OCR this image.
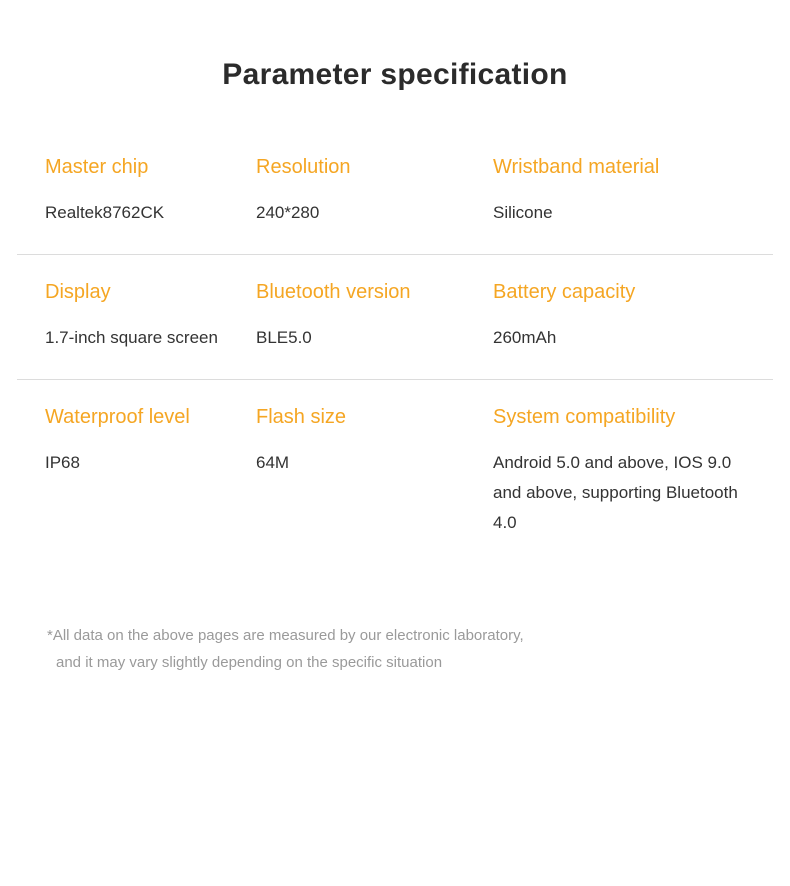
Parameter specification
Master chip
Realtek8762CK
Resolution
240*280
Wristband material
Silicone
Display
1.7-inch square screen
Bluetooth version
BLE5.0
Battery capacity
260mAh
Waterproof level
IP68
Flash size
64M
System compatibility
Android 5.0 and above, IOS 9.0 and above, supporting Bluetooth 4.0
*All data on the above pages are measured by our electronic laboratory,
and it may vary slightly depending on the specific situation
